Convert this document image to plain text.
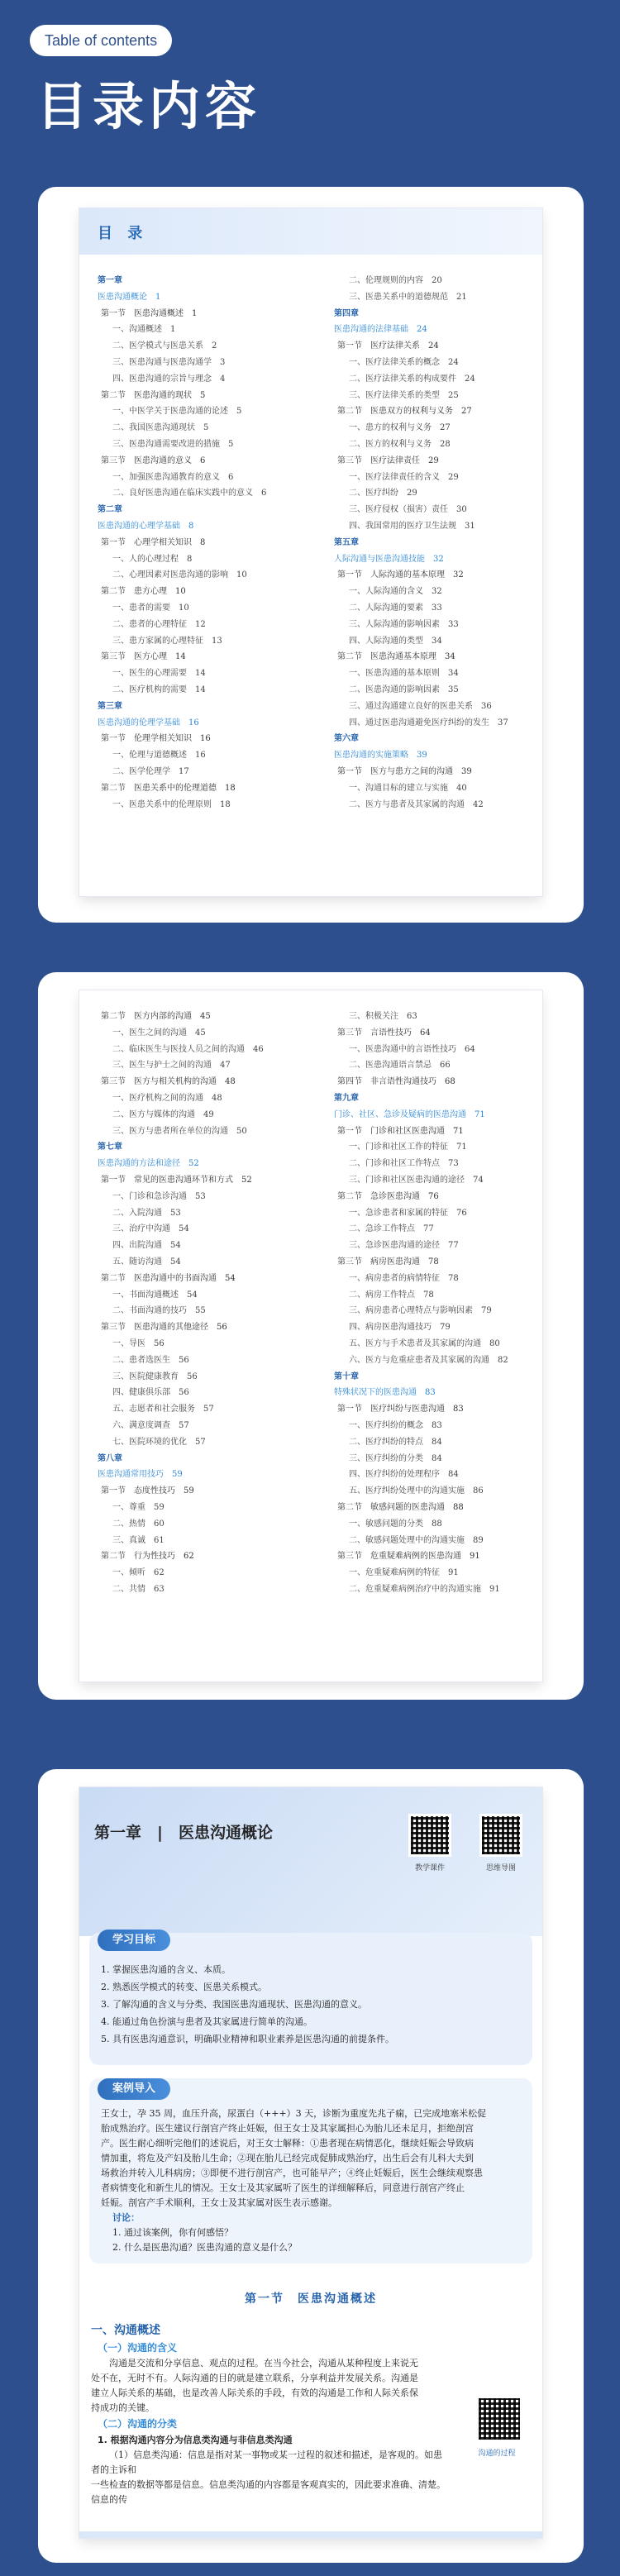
Table of contents
目录内容
目 录
第一章
医患沟通概论　1
第一节　医患沟通概述　1
一、沟通概述　1
二、医学模式与医患关系　2
三、医患沟通与医患沟通学　3
四、医患沟通的宗旨与理念　4
第二节　医患沟通的现状　5
一、中医学关于医患沟通的论述　5
二、我国医患沟通现状　5
三、医患沟通需要改进的措施　5
第三节　医患沟通的意义　6
一、加强医患沟通教育的意义　6
二、良好医患沟通在临床实践中的意义　6
第二章
医患沟通的心理学基础　8
第一节　心理学相关知识　8
一、人的心理过程　8
二、心理因素对医患沟通的影响　10
第二节　患方心理　10
一、患者的需要　10
二、患者的心理特征　12
三、患方家属的心理特征　13
第三节　医方心理　14
一、医生的心理需要　14
二、医疗机构的需要　14
第三章
医患沟通的伦理学基础　16
第一节　伦理学相关知识　16
一、伦理与道德概述　16
二、医学伦理学　17
第二节　医患关系中的伦理道德　18
一、医患关系中的伦理原则　18
二、伦理规则的内容　20
三、医患关系中的道德规范　21
第四章
医患沟通的法律基础　24
第一节　医疗法律关系　24
一、医疗法律关系的概念　24
二、医疗法律关系的构成要件　24
三、医疗法律关系的类型　25
第二节　医患双方的权利与义务　27
一、患方的权利与义务　27
二、医方的权利与义务　28
第三节　医疗法律责任　29
一、医疗法律责任的含义　29
二、医疗纠纷　29
三、医疗侵权（损害）责任　30
四、我国常用的医疗卫生法规　31
第五章
人际沟通与医患沟通技能　32
第一节　人际沟通的基本原理　32
一、人际沟通的含义　32
二、人际沟通的要素　33
三、人际沟通的影响因素　33
四、人际沟通的类型　34
第二节　医患沟通基本原理　34
一、医患沟通的基本原则　34
二、医患沟通的影响因素　35
三、通过沟通建立良好的医患关系　36
四、通过医患沟通避免医疗纠纷的发生　37
第六章
医患沟通的实施策略　39
第一节　医方与患方之间的沟通　39
一、沟通目标的建立与实施　40
二、医方与患者及其家属的沟通　42
第二节　医方内部的沟通　45
一、医生之间的沟通　45
二、临床医生与医技人员之间的沟通　46
三、医生与护士之间的沟通　47
第三节　医方与相关机构的沟通　48
一、医疗机构之间的沟通　48
二、医方与媒体的沟通　49
三、医方与患者所在单位的沟通　50
第七章
医患沟通的方法和途径　52
第一节　常见的医患沟通环节和方式　52
一、门诊和急诊沟通　53
二、入院沟通　53
三、治疗中沟通　54
四、出院沟通　54
五、随访沟通　54
第二节　医患沟通中的书面沟通　54
一、书面沟通概述　54
二、书面沟通的技巧　55
第三节　医患沟通的其他途径　56
一、导医　56
二、患者选医生　56
三、医院健康教育　56
四、健康俱乐部　56
五、志愿者和社会服务　57
六、满意度调查　57
七、医院环境的优化　57
第八章
医患沟通常用技巧　59
第一节　态度性技巧　59
一、尊重　59
二、热情　60
三、真诚　61
第二节　行为性技巧　62
一、倾听　62
二、共情　63
三、积极关注　63
第三节　言语性技巧　64
一、医患沟通中的言语性技巧　64
二、医患沟通语言禁忌　66
第四节　非言语性沟通技巧　68
第九章
门诊、社区、急诊及疑病的医患沟通　71
第一节　门诊和社区医患沟通　71
一、门诊和社区工作的特征　71
二、门诊和社区工作特点　73
三、门诊和社区医患沟通的途径　74
第二节　急诊医患沟通　76
一、急诊患者和家属的特征　76
二、急诊工作特点　77
三、急诊医患沟通的途径　77
第三节　病房医患沟通　78
一、病房患者的病情特征　78
二、病房工作特点　78
三、病房患者心理特点与影响因素　79
四、病房医患沟通技巧　79
五、医方与手术患者及其家属的沟通　80
六、医方与危重症患者及其家属的沟通　82
第十章
特殊状况下的医患沟通　83
第一节　医疗纠纷与医患沟通　83
一、医疗纠纷的概念　83
二、医疗纠纷的特点　84
三、医疗纠纷的分类　84
四、医疗纠纷的处理程序　84
五、医疗纠纷处理中的沟通实施　86
第二节　敏感问题的医患沟通　88
一、敏感问题的分类　88
二、敏感问题处理中的沟通实施　89
第三节　危重疑难病例的医患沟通　91
一、危重疑难病例的特征　91
二、危重疑难病例治疗中的沟通实施　91
第一章　|　医患沟通概论
教学课件	思维导图
学习目标
1. 掌握医患沟通的含义、本质。
2. 熟悉医学模式的转变、医患关系模式。
3. 了解沟通的含义与分类、我国医患沟通现状、医患沟通的意义。
4. 能通过角色扮演与患者及其家属进行简单的沟通。
5. 具有医患沟通意识，明确职业精神和职业素养是医患沟通的前提条件。
案例导入
王女士，孕 35 周，血压升高，尿蛋白（+++）3 天，诊断为重度先兆子痫，已完成地塞米松促
胎成熟治疗。医生建议行剖宫产终止妊娠，但王女士及其家属担心为胎儿还未足月，拒绝剖宫
产。医生耐心细听完他们的述说后，对王女士解释：①患者现在病情恶化，继续妊娠会导致病
情加重，将危及产妇及胎儿生命；②现在胎儿已经完成促肺成熟治疗，出生后会有儿科大夫到
场救治并转入儿科病房；③即便不进行剖宫产，也可能早产；④终止妊娠后，医生会继续观察患
者病情变化和新生儿的情况。王女士及其家属听了医生的详细解释后，同意进行剖宫产终止
妊娠。剖宫产手术顺利，王女士及其家属对医生表示感谢。
讨论：
1. 通过该案例，你有何感悟？
2. 什么是医患沟通？医患沟通的意义是什么？
第一节　医患沟通概述
一、沟通概述
（一）沟通的含义
沟通是交流和分享信息、观点的过程。在当今社会，沟通从某种程度上来说无
处不在，无时不有。人际沟通的目的就是建立联系，分享利益并发展关系。沟通是
建立人际关系的基础，也是改善人际关系的手段，有效的沟通是工作和人际关系保
持成功的关键。
（二）沟通的分类
1. 根据沟通内容分为信息类沟通与非信息类沟通
（1）信息类沟通：信息是指对某一事物或某一过程的叙述和描述，是客观的。如患者的主诉和
一些检查的数据等都是信息。信息类沟通的内容都是客观真实的，因此要求准确、清楚。信息的传
沟通的过程
